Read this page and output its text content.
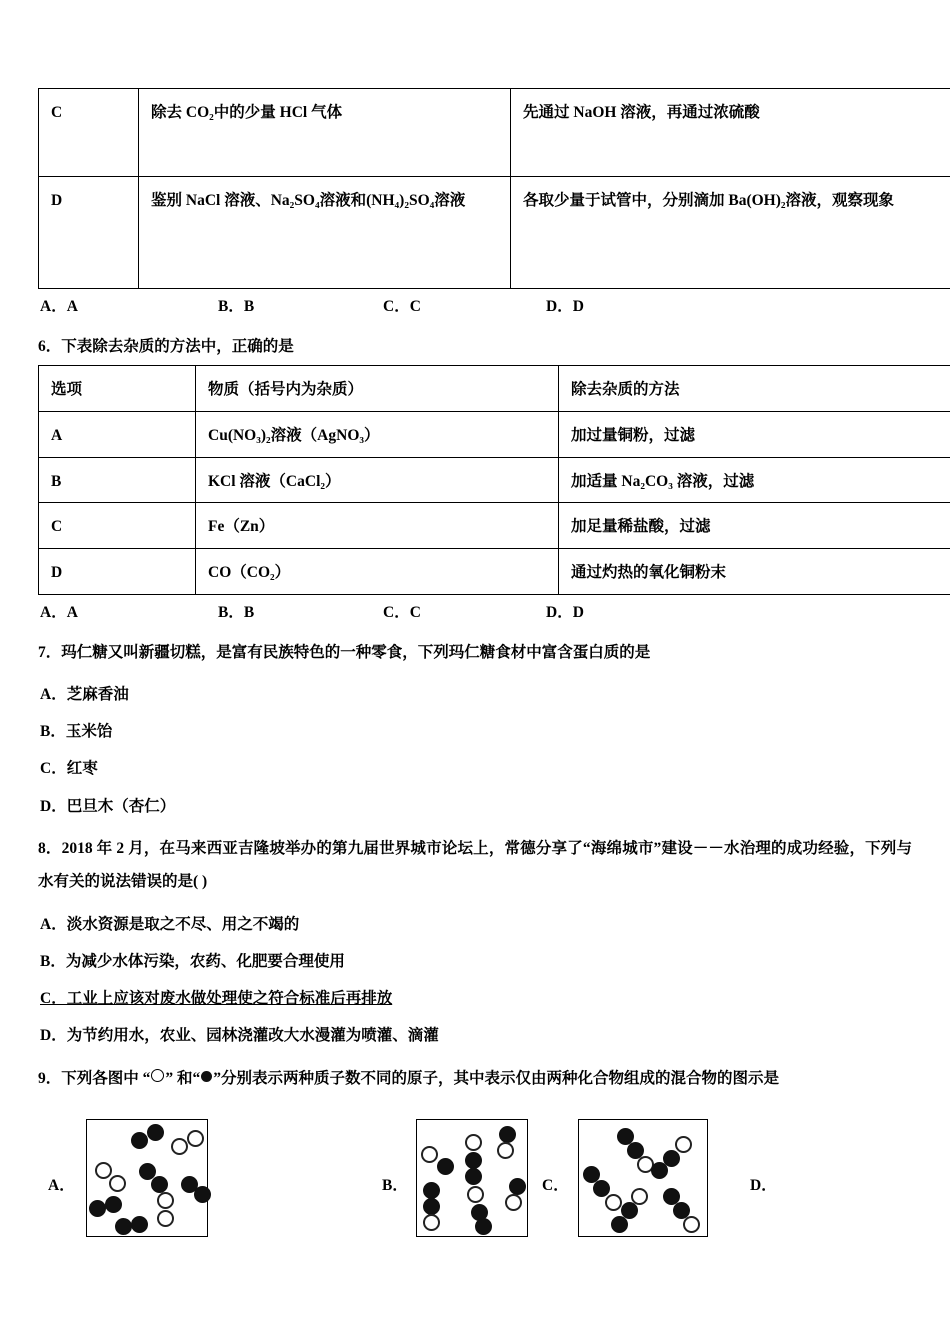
C	除去 CO₂中的少量 HCl 气体	先通过 NaOH 溶液，再通过浓硫酸
D	鉴别 NaCl 溶液、Na₂SO₄溶液和(NH₄)₂SO₄溶液	各取少量于试管中，分别滴加 Ba(OH)₂溶液，观察现象
A．A	B．B	C．C	D．D
6．下表除去杂质的方法中，正确的是
选项	物质（括号内为杂质）	除去杂质的方法
A	Cu(NO₃)₂溶液（AgNO₃）	加过量铜粉，过滤
B	KCl 溶液（CaCl₂）	加适量 Na₂CO₃ 溶液，过滤
C	Fe（Zn）	加足量稀盐酸，过滤
D	CO（CO₂）	通过灼热的氧化铜粉末
A．A	B．B	C．C	D．D
7．玛仁糖又叫新疆切糕，是富有民族特色的一种零食，下列玛仁糖食材中富含蛋白质的是
A．芝麻香油
B．玉米饴
C．红枣
D．巴旦木（杏仁）
8．2018 年 2 月，在马来西亚吉隆坡举办的第九届世界城市论坛上，常德分享了“海绵城市”建设－－水治理的成功经验，下列与水有关的说法错误的是( )
A．淡水资源是取之不尽、用之不竭的
B．为减少水体污染，农药、化肥要合理使用
C．工业上应该对废水做处理使之符合标准后再排放
D．为节约用水，农业、园林浇灌改大水漫灌为喷灌、滴灌
9．下列各图中 “ ” 和“ ”分别表示两种质子数不同的原子，其中表示仅由两种化合物组成的混合物的图示是
A．	B．	C．	D．
